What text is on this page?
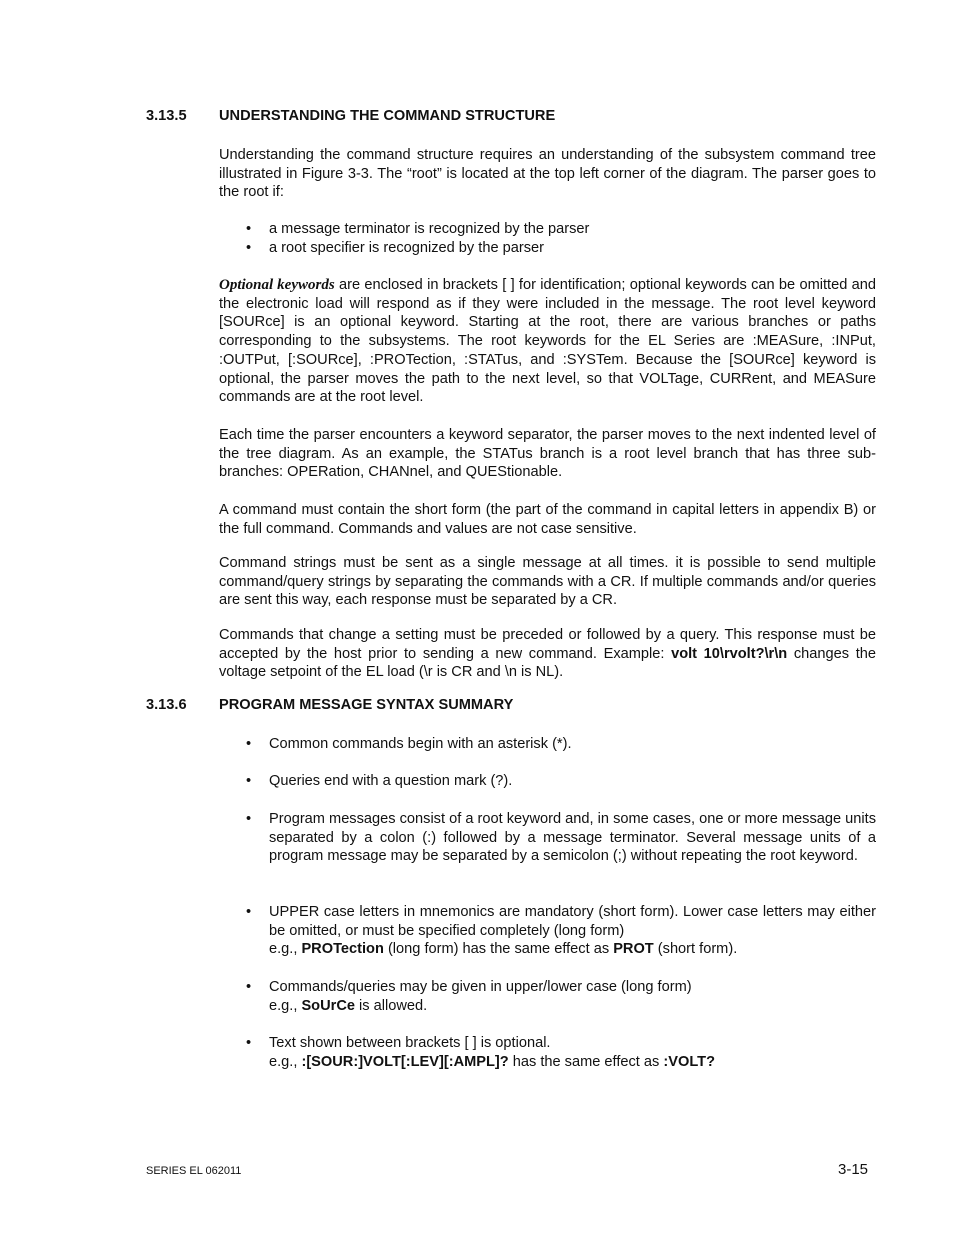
3.13.5 UNDERSTANDING THE COMMAND STRUCTURE
Understanding the command structure requires an understanding of the subsystem command tree illustrated in Figure 3-3. The “root” is located at the top left corner of the diagram. The parser goes to the root if:
• a message terminator is recognized by the parser
• a root specifier is recognized by the parser
Optional keywords are enclosed in brackets [ ] for identification; optional keywords can be omitted and the electronic load will respond as if they were included in the message. The root level keyword [SOURce] is an optional keyword. Starting at the root, there are various branches or paths corresponding to the subsystems. The root keywords for the EL Series are :MEASure, :INPut, :OUTPut, [:SOURce], :PROTection, :STATus, and :SYSTem. Because the [SOURce] keyword is optional, the parser moves the path to the next level, so that VOLTage, CURRent, and MEASure commands are at the root level.
Each time the parser encounters a keyword separator, the parser moves to the next indented level of the tree diagram. As an example, the STATus branch is a root level branch that has three sub-branches: OPERation, CHANnel, and QUEStionable.
A command must contain the short form (the part of the command in capital letters in appendix B) or the full command. Commands and values are not case sensitive.
Command strings must be sent as a single message at all times. it is possible to send multiple command/query strings by separating the commands with a CR. If multiple commands and/or queries are sent this way, each response must be separated by a CR.
Commands that change a setting must be preceded or followed by a query. This response must be accepted by the host prior to sending a new command. Example: volt 10\rvolt?\r\n changes the voltage setpoint of the EL load (\r is CR and \n is NL).
3.13.6 PROGRAM MESSAGE SYNTAX SUMMARY
• Common commands begin with an asterisk (*).
• Queries end with a question mark (?).
• Program messages consist of a root keyword and, in some cases, one or more message units separated by a colon (:) followed by a message terminator. Several message units of a program message may be separated by a semicolon (;) without repeating the root keyword.
• UPPER case letters in mnemonics are mandatory (short form). Lower case letters may either be omitted, or must be specified completely (long form)
e.g., PROTection (long form) has the same effect as PROT (short form).
• Commands/queries may be given in upper/lower case (long form)
e.g., SoUrCe is allowed.
• Text shown between brackets [ ] is optional.
e.g., :[SOUR:]VOLT[:LEV][:AMPL]? has the same effect as :VOLT?
SERIES EL 062011	3-15
